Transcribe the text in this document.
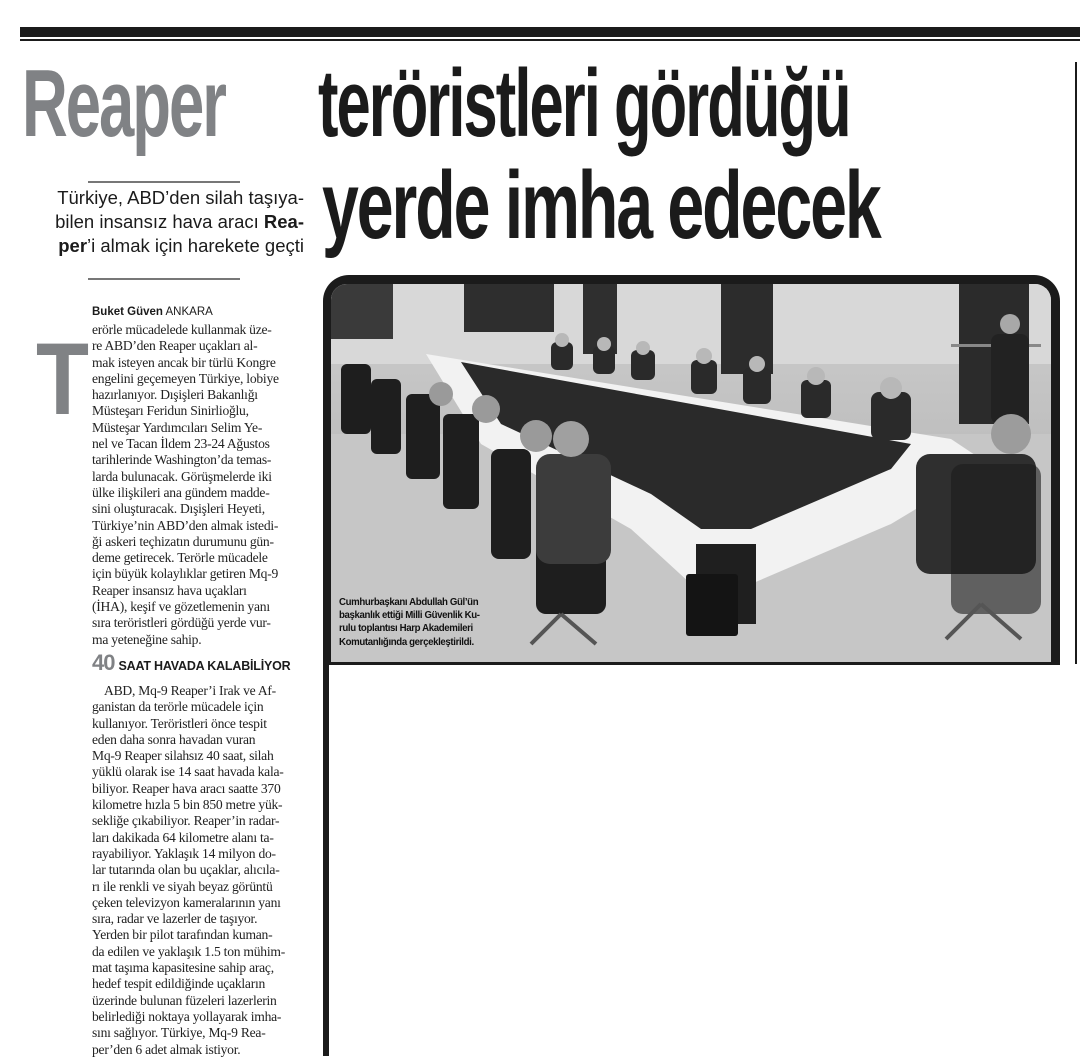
Reaper teröristleri gördüğü
yerde imha edecek
Türkiye, ABD’den silah taşıya-
bilen insansız hava aracı Rea-
per’i almak için harekete geçti
Buket Güven ANKARA
T erörle mücadelede kullanmak üze-
re ABD’den Reaper uçakları al-
mak isteyen ancak bir türlü Kongre
engelini geçemeyen Türkiye, lobiye
hazırlanıyor. Dışişleri Bakanlığı
Müsteşarı Feridun Sinirlioğlu,
Müsteşar Yardımcıları Selim Ye-
nel ve Tacan İldem 23-24 Ağustos
tarihlerinde Washington’da temas-
larda bulunacak. Görüşmelerde iki
ülke ilişkileri ana gündem madde-
sini oluşturacak. Dışişleri Heyeti,
Türkiye’nin ABD’den almak istedi-
ği askeri teçhizatın durumunu gün-
deme getirecek. Terörle mücadele
için büyük kolaylıklar getiren Mq-9
Reaper insansız hava uçakları
(İHA), keşif ve gözetlemenin yanı
sıra teröristleri gördüğü yerde vur-
ma yeteneğine sahip.
40 SAAT HAVADA KALABİLİYOR
ABD, Mq-9 Reaper’i Irak ve Af-
ganistan da terörle mücadele için
kullanıyor. Teröristleri önce tespit
eden daha sonra havadan vuran
Mq-9 Reaper silahsız 40 saat, silah
yüklü olarak ise 14 saat havada kala-
biliyor. Reaper hava aracı saatte 370
kilometre hızla 5 bin 850 metre yük-
sekliğe çıkabiliyor. Reaper’in radar-
ları dakikada 64 kilometre alanı ta-
rayabiliyor. Yaklaşık 14 milyon do-
lar tutarında olan bu uçaklar, alıcıla-
rı ile renkli ve siyah beyaz görüntü
çeken televizyon kameralarının yanı
sıra, radar ve lazerler de taşıyor.
Yerden bir pilot tarafından kuman-
da edilen ve yaklaşık 1.5 ton mühim-
mat taşıma kapasitesine sahip araç,
hedef tespit edildiğinde uçakların
üzerinde bulunan füzeleri lazerlerin
belirlediği noktaya yollayarak imha-
sını sağlıyor. Türkiye, Mq-9 Rea-
per’den 6 adet almak istiyor.
Cumhurbaşkanı Abdullah Gül’ün
başkanlık ettiği Milli Güvenlik Ku-
rulu toplantısı Harp Akademileri
Komutanlığında gerçekleştirildi.
